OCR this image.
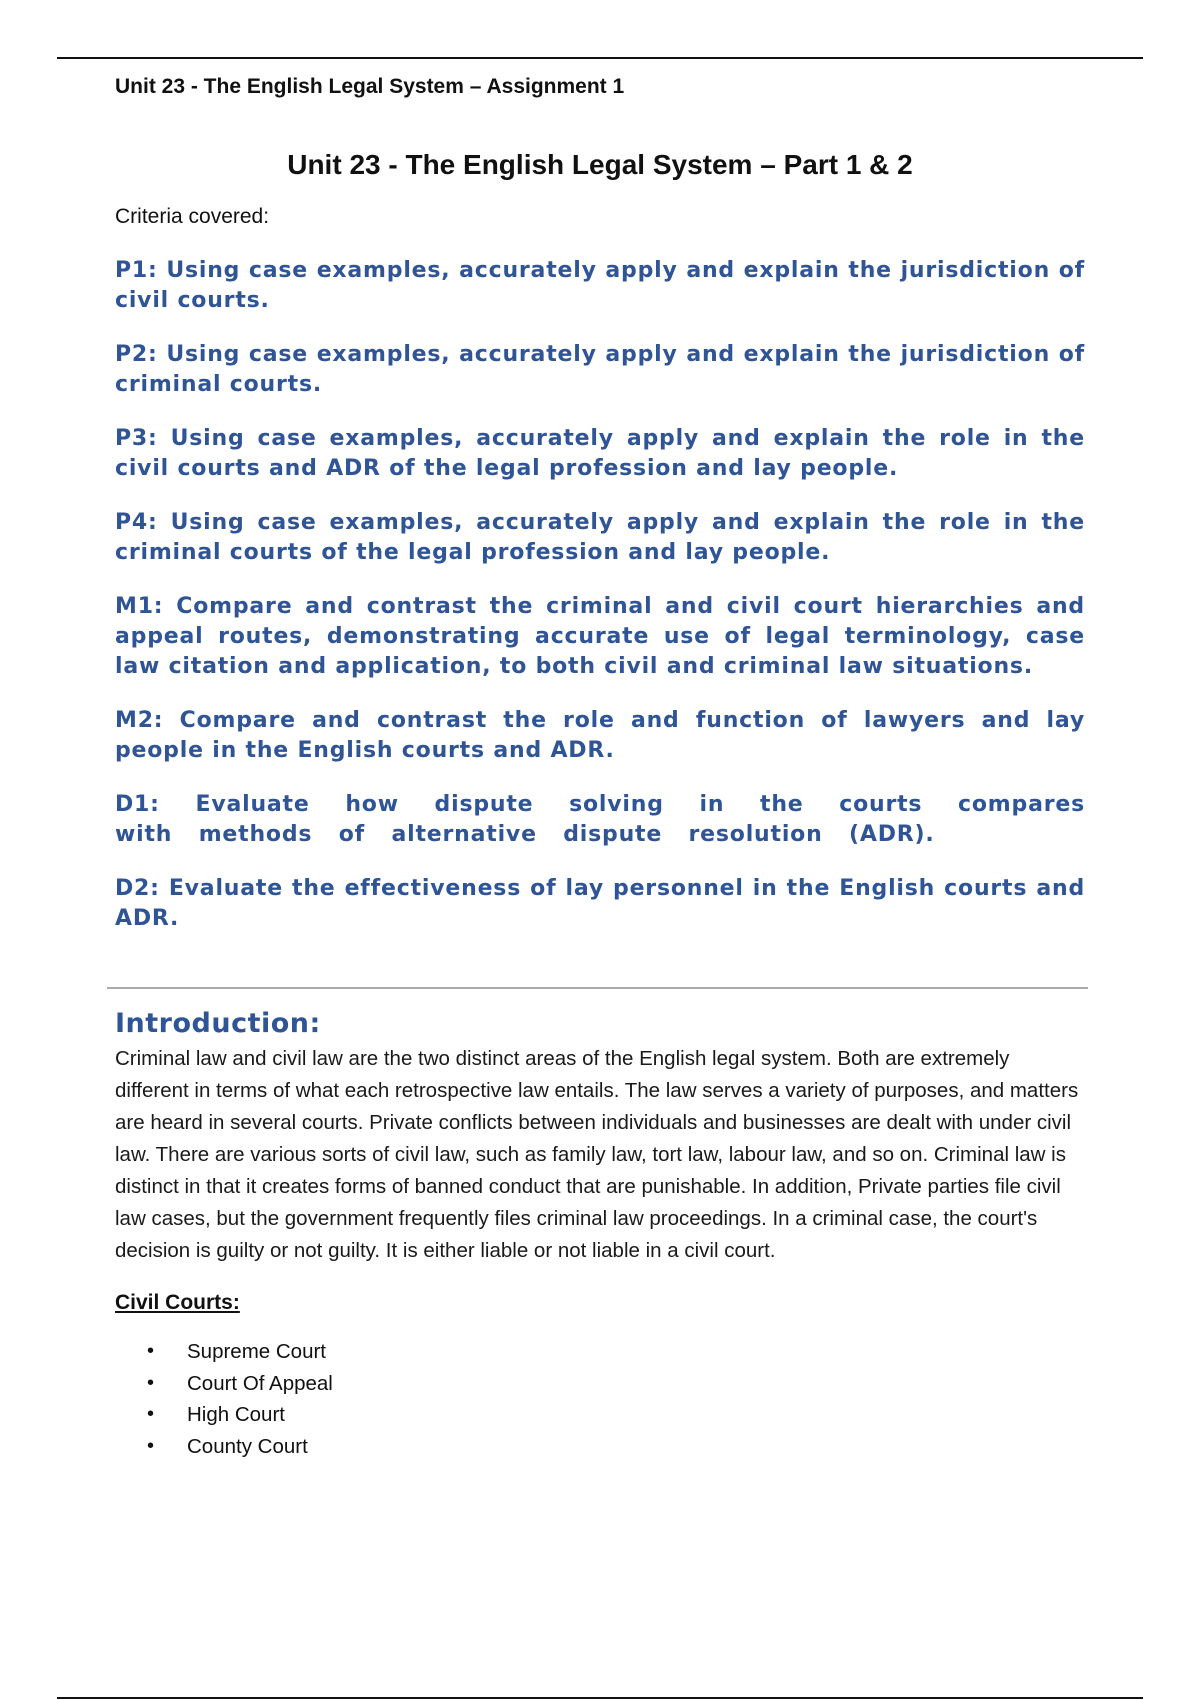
Unit 23 - The English Legal System – Assignment 1

Unit 23 - The English Legal System – Part 1 & 2

Criteria covered:

P1: Using case examples, accurately apply and explain the jurisdiction of civil courts.
P2: Using case examples, accurately apply and explain the jurisdiction of criminal courts.
P3: Using case examples, accurately apply and explain the role in the civil courts and ADR of the legal profession and lay people.
P4: Using case examples, accurately apply and explain the role in the criminal courts of the legal profession and lay people.
M1: Compare and contrast the criminal and civil court hierarchies and appeal routes, demonstrating accurate use of legal terminology, case law citation and application, to both civil and criminal law situations.
M2: Compare and contrast the role and function of lawyers and lay people in the English courts and ADR.
D1: Evaluate how dispute solving in the courts compares with methods of alternative dispute resolution (ADR).
D2: Evaluate the effectiveness of lay personnel in the English courts and ADR.
Introduction:

Criminal law and civil law are the two distinct areas of the English legal system. Both are extremely different in terms of what each retrospective law entails. The law serves a variety of purposes, and matters are heard in several courts. Private conflicts between individuals and businesses are dealt with under civil law. There are various sorts of civil law, such as family law, tort law, labour law, and so on. Criminal law is distinct in that it creates forms of banned conduct that are punishable. In addition, Private parties file civil law cases, but the government frequently files criminal law proceedings. In a criminal case, the court's decision is guilty or not guilty. It is either liable or not liable in a civil court.

Civil Courts:

•	Supreme Court
•	Court Of Appeal
•	High Court
•	County Court
